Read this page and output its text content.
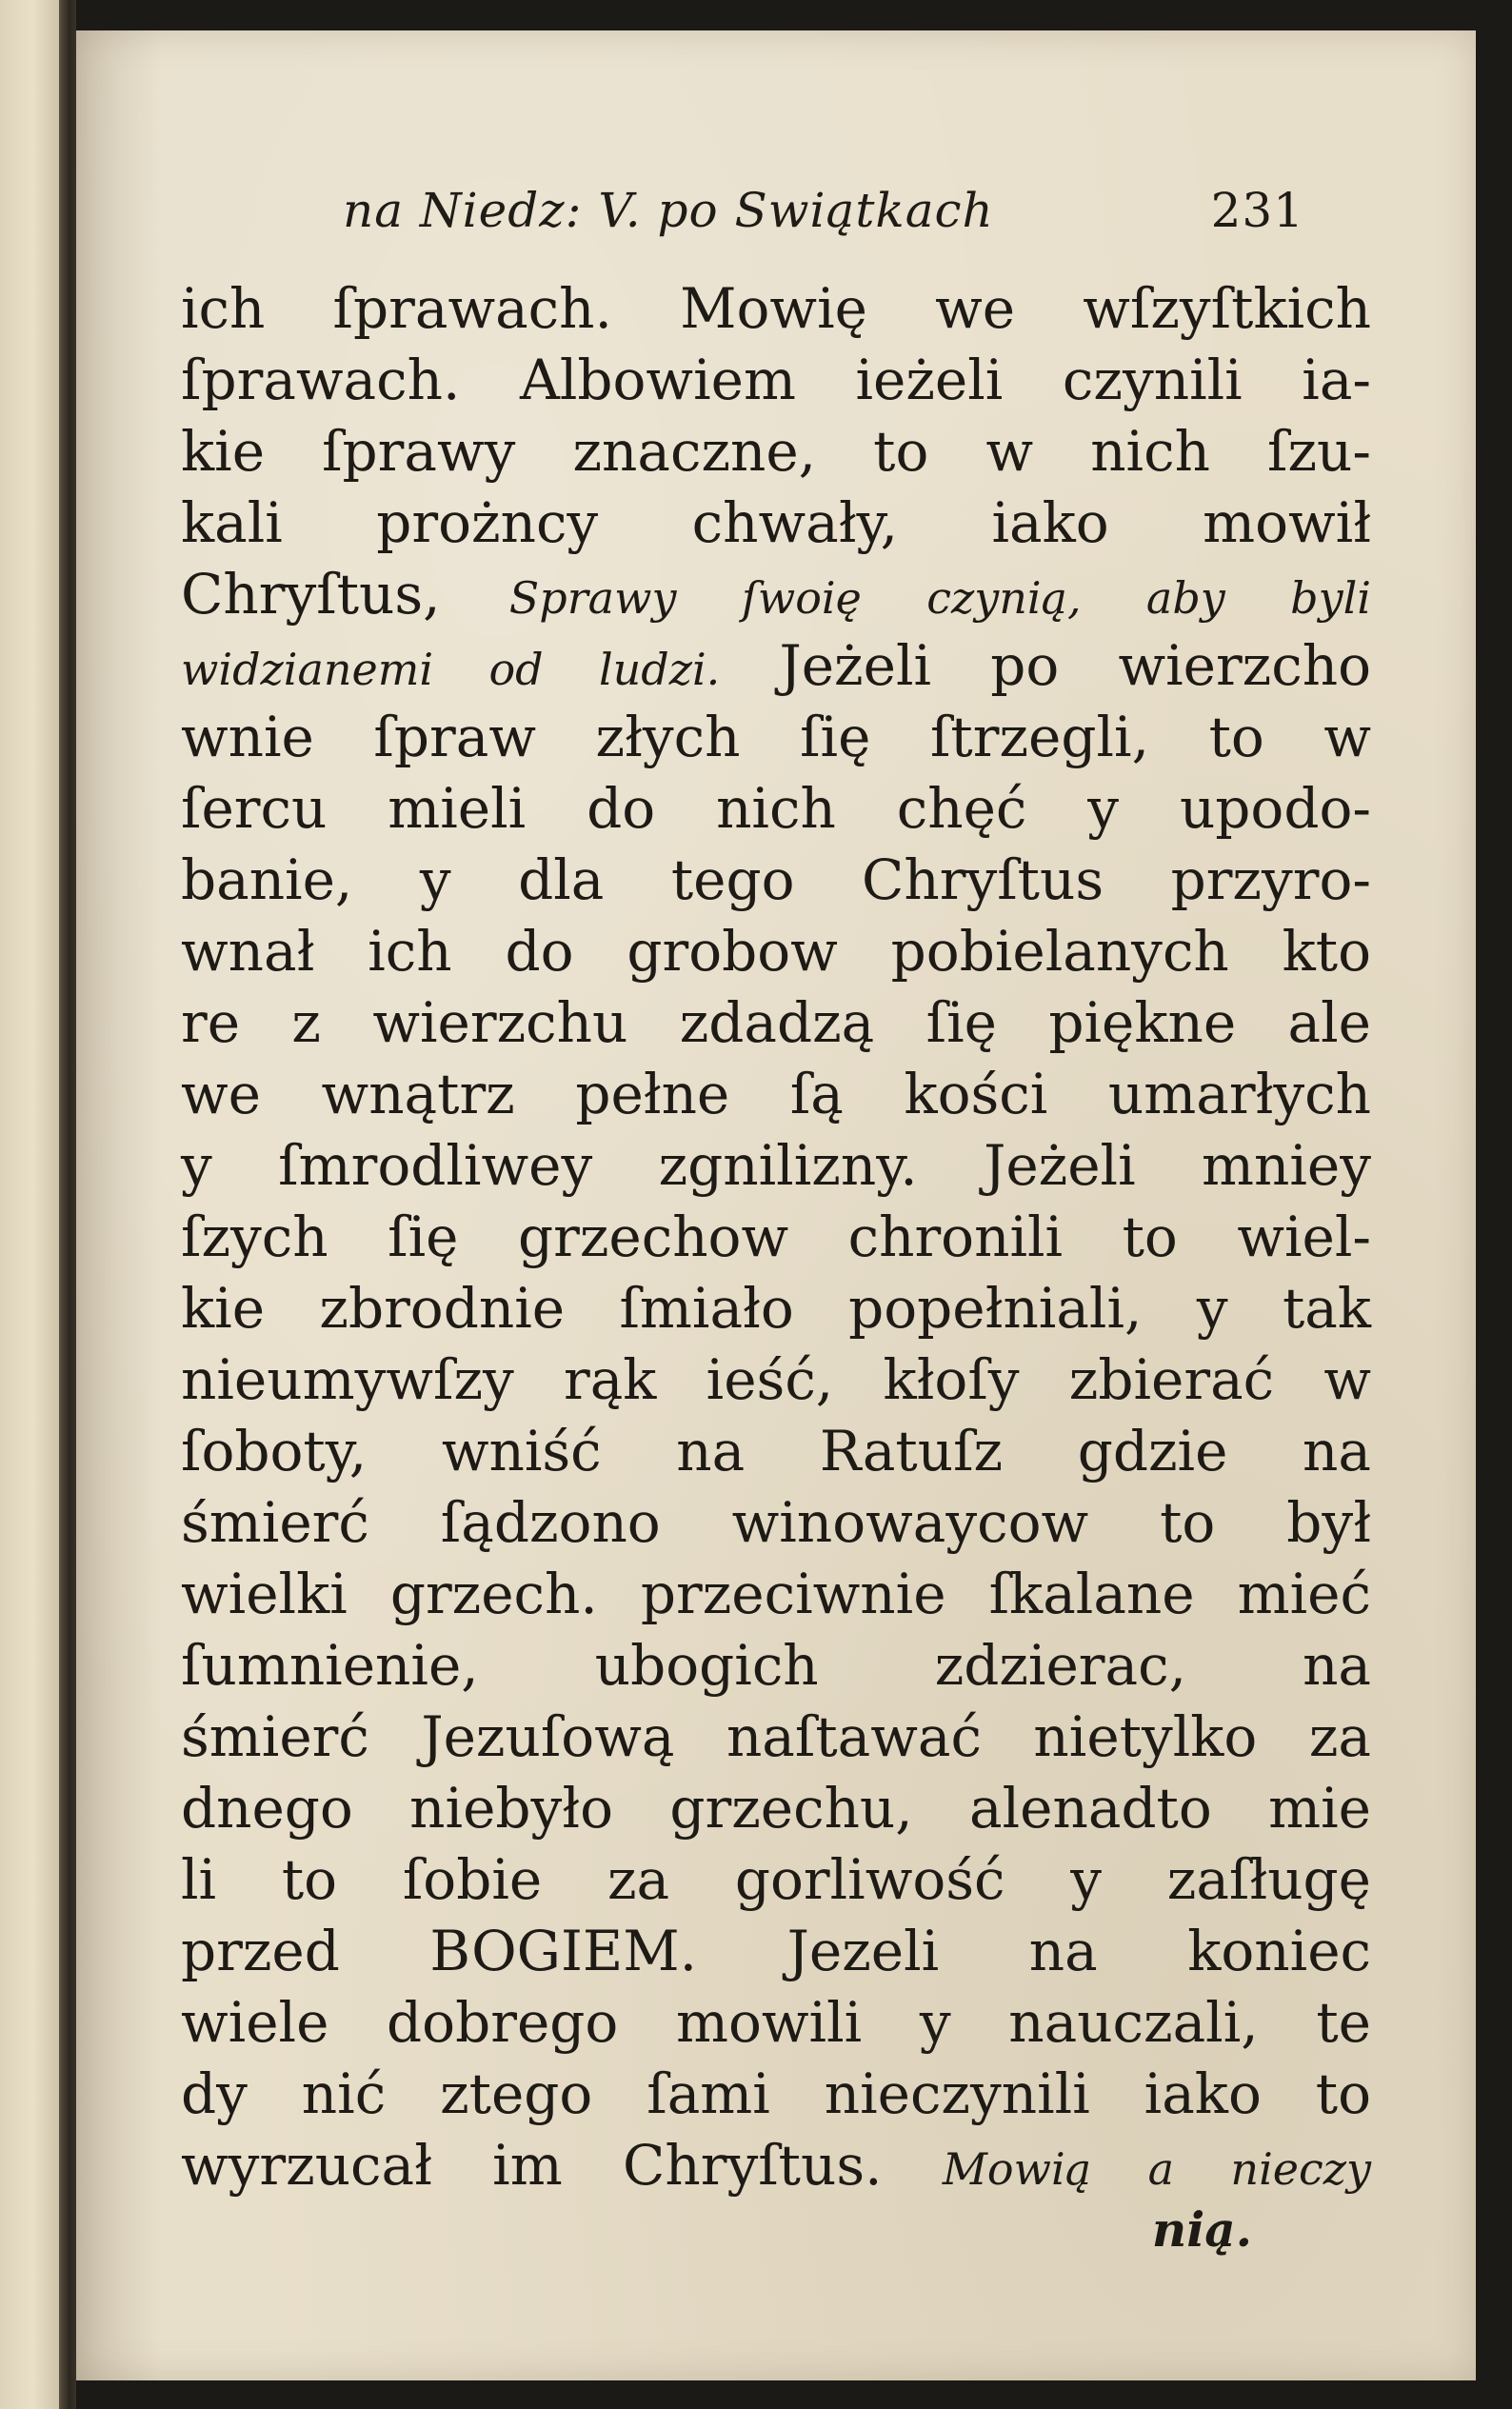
na Niedz: V. po Swiątkach	231
ich ſprawach. Mowię we wſzyſtkich
ſprawach. Albowiem ieżeli czynili ia-
kie ſprawy znaczne, to w nich ſzu-
kali prożncy chwały, iako mowił
Chryſtus, Sprawy ſwoię czynią, aby byli
widzianemi od ludzi. Jeżeli po wierzcho
wnie ſpraw złych ſię ſtrzegli, to w
ſercu mieli do nich chęć y upodo-
banie, y dla tego Chryſtus przyro-
wnał ich do grobow pobielanych kto
re z wierzchu zdadzą ſię piękne ale
we wnątrz pełne ſą kości umarłych
y ſmrodliwey zgnilizny. Jeżeli mniey
ſzych ſię grzechow chronili to wiel-
kie zbrodnie ſmiało popełniali, y tak
nieumywſzy rąk ieść, kłoſy zbierać w
ſoboty, wniść na Ratuſz gdzie na
śmierć ſądzono winowaycow to był
wielki grzech. przeciwnie ſkalane mieć
ſumnienie, ubogich zdzierac, na
śmierć Jezuſową naſtawać nietylko za
dnego niebyło grzechu, alenadto mie
li to ſobie za gorliwość y zaſługę
przed BOGIEM. Jezeli na koniec
wiele dobrego mowili y nauczali, te
dy nić ztego ſami nieczynili iako to
wyrzucał im Chryſtus. Mowią a nieczy
nią.
